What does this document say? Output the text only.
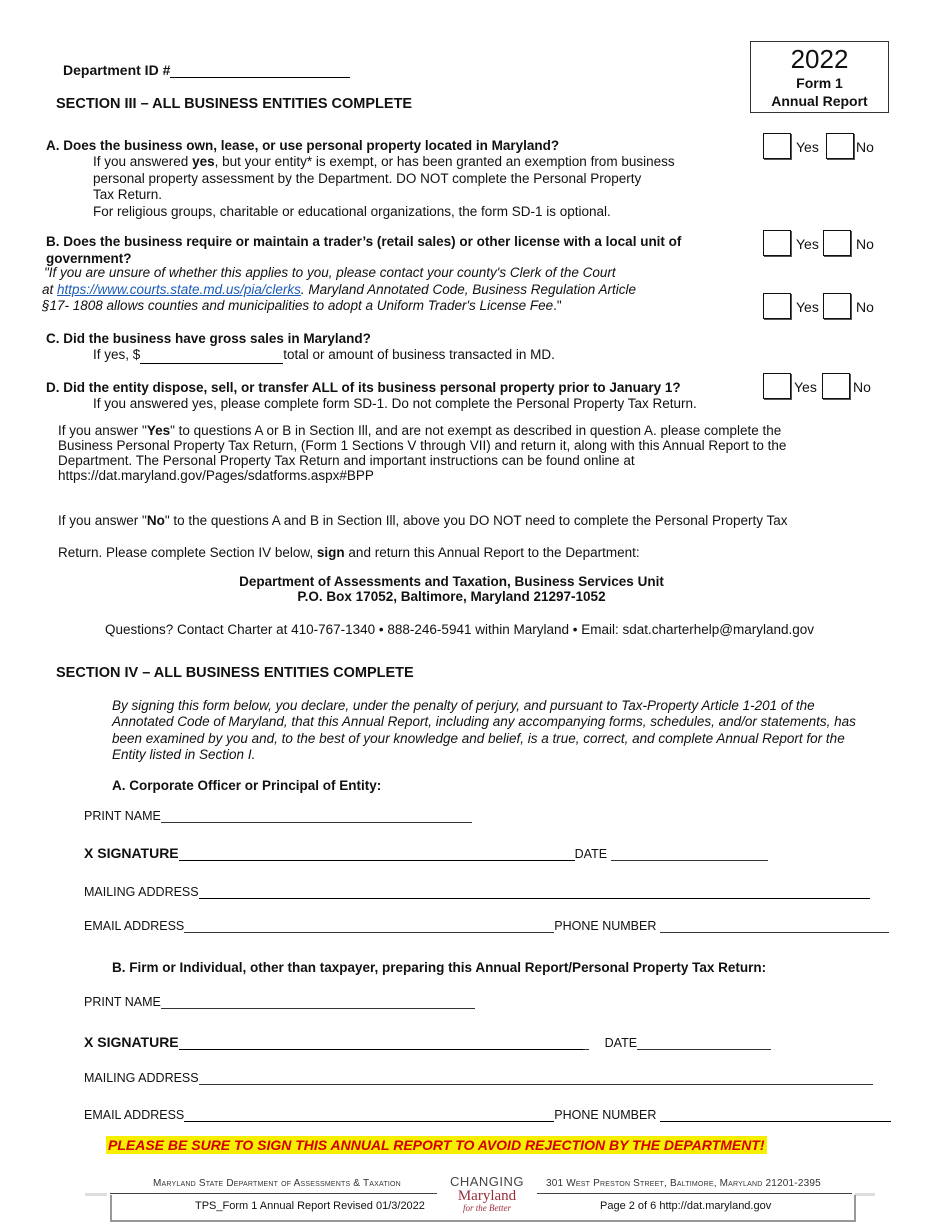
Department ID #	2022
Form 1
Annual Report
SECTION III – ALL BUSINESS ENTITIES COMPLETE
A. Does the business own, lease, or use personal property located in Maryland?
If you answered yes, but your entity* is exempt, or has been granted an exemption from business
personal property assessment by the Department. DO NOT complete the Personal Property
Tax Return.
For religious groups, charitable or educational organizations, the form SD-1 is optional.
Yes	No
B. Does the business require or maintain a trader’s (retail sales) or other license with a local unit of
government?
"If you are unsure of whether this applies to you, please contact your county's Clerk of the Court
at https://www.courts.state.md.us/pia/clerks. Maryland Annotated Code, Business Regulation Article
§17- 1808 allows counties and municipalities to adopt a Uniform Trader's License Fee."
Yes	No
Yes	No
C. Did the business have gross sales in Maryland?
If yes, $	total or amount of business transacted in MD.
D. Did the entity dispose, sell, or transfer ALL of its business personal property prior to January 1?
If you answered yes, please complete form SD-1. Do not complete the Personal Property Tax Return.
Yes	No
If you answer "Yes" to questions A or B in Section Ill, and are not exempt as described in question A. please complete the
Business Personal Property Tax Return, (Form 1 Sections V through VII) and return it, along with this Annual Report to the
Department. The Personal Property Tax Return and important instructions can be found online at
https://dat.maryland.gov/Pages/sdatforms.aspx#BPP
If you answer "No" to the questions A and B in Section Ill, above you DO NOT need to complete the Personal Property Tax
Return. Please complete Section IV below, sign and return this Annual Report to the Department:
Department of Assessments and Taxation, Business Services Unit
P.O. Box 17052, Baltimore, Maryland 21297-1052
Questions? Contact Charter at 410-767-1340 • 888-246-5941 within Maryland • Email: sdat.charterhelp@maryland.gov
SECTION IV – ALL BUSINESS ENTITIES COMPLETE
By signing this form below, you declare, under the penalty of perjury, and pursuant to Tax-Property Article 1-201 of the
Annotated Code of Maryland, that this Annual Report, including any accompanying forms, schedules, and/or statements, has
been examined by you and, to the best of your knowledge and belief, is a true, correct, and complete Annual Report for the
Entity listed in Section I.
A. Corporate Officer or Principal of Entity:
PRINT NAME
X SIGNATURE	DATE
MAILING ADDRESS
EMAIL ADDRESS	PHONE NUMBER
B. Firm or Individual, other than taxpayer, preparing this Annual Report/Personal Property Tax Return:
PRINT NAME
X SIGNATURE	DATE
MAILING ADDRESS
EMAIL ADDRESS	PHONE NUMBER
PLEASE BE SURE TO SIGN THIS ANNUAL REPORT TO AVOID REJECTION BY THE DEPARTMENT!
Maryland State Department of Assessments & Taxation	301 West Preston Street, Baltimore, Maryland 21201-2395
TPS_Form 1 Annual Report Revised 01/3/2022	Page 2 of 6 http://dat.maryland.gov
CHANGING
Maryland
for the Better
